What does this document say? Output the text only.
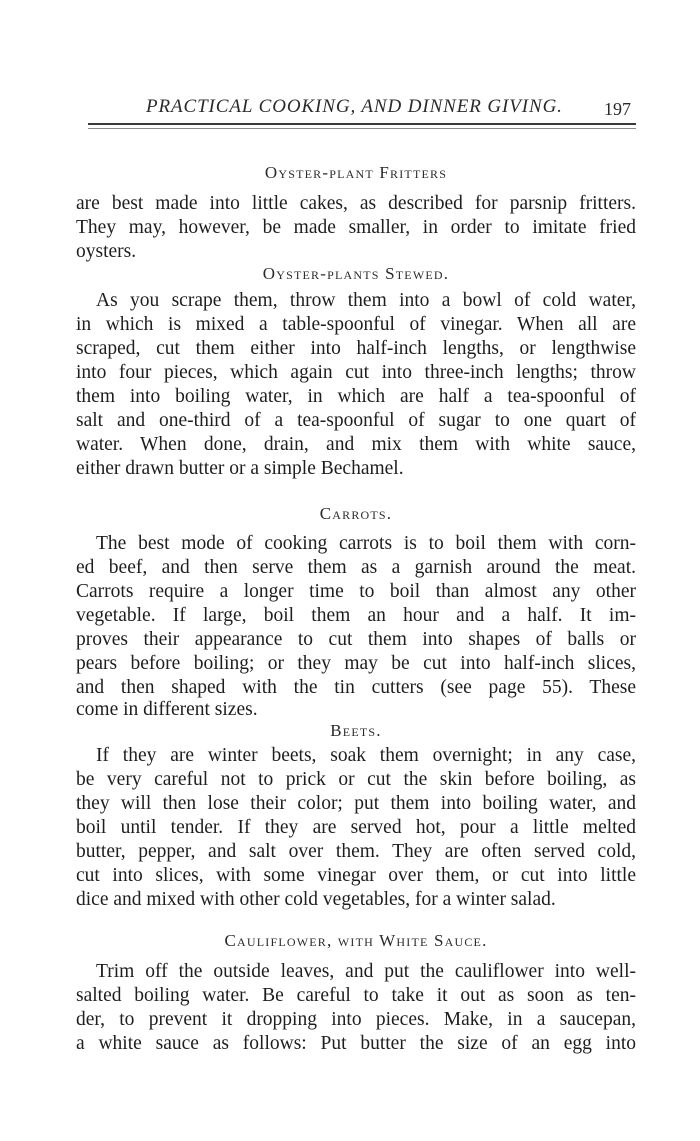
PRACTICAL COOKING, AND DINNER GIVING. 197
Oyster-plant Fritters
are best made into little cakes, as described for parsnip fritters.
They may, however, be made smaller, in order to imitate fried
oysters.
Oyster-plants Stewed.
As you scrape them, throw them into a bowl of cold water,
in which is mixed a table-spoonful of vinegar. When all are
scraped, cut them either into half-inch lengths, or lengthwise
into four pieces, which again cut into three-inch lengths; throw
them into boiling water, in which are half a tea-spoonful of
salt and one-third of a tea-spoonful of sugar to one quart of
water. When done, drain, and mix them with white sauce,
either drawn butter or a simple Bechamel.
Carrots.
The best mode of cooking carrots is to boil them with corn-
ed beef, and then serve them as a garnish around the meat.
Carrots require a longer time to boil than almost any other
vegetable. If large, boil them an hour and a half. It im-
proves their appearance to cut them into shapes of balls or
pears before boiling; or they may be cut into half-inch slices,
and then shaped with the tin cutters (see page 55). These
come in different sizes.
Beets.
If they are winter beets, soak them overnight; in any case,
be very careful not to prick or cut the skin before boiling, as
they will then lose their color; put them into boiling water, and
boil until tender. If they are served hot, pour a little melted
butter, pepper, and salt over them. They are often served cold,
cut into slices, with some vinegar over them, or cut into little
dice and mixed with other cold vegetables, for a winter salad.
Cauliflower, with White Sauce.
Trim off the outside leaves, and put the cauliflower into well-
salted boiling water. Be careful to take it out as soon as ten-
der, to prevent it dropping into pieces. Make, in a saucepan,
a white sauce as follows: Put butter the size of an egg into
